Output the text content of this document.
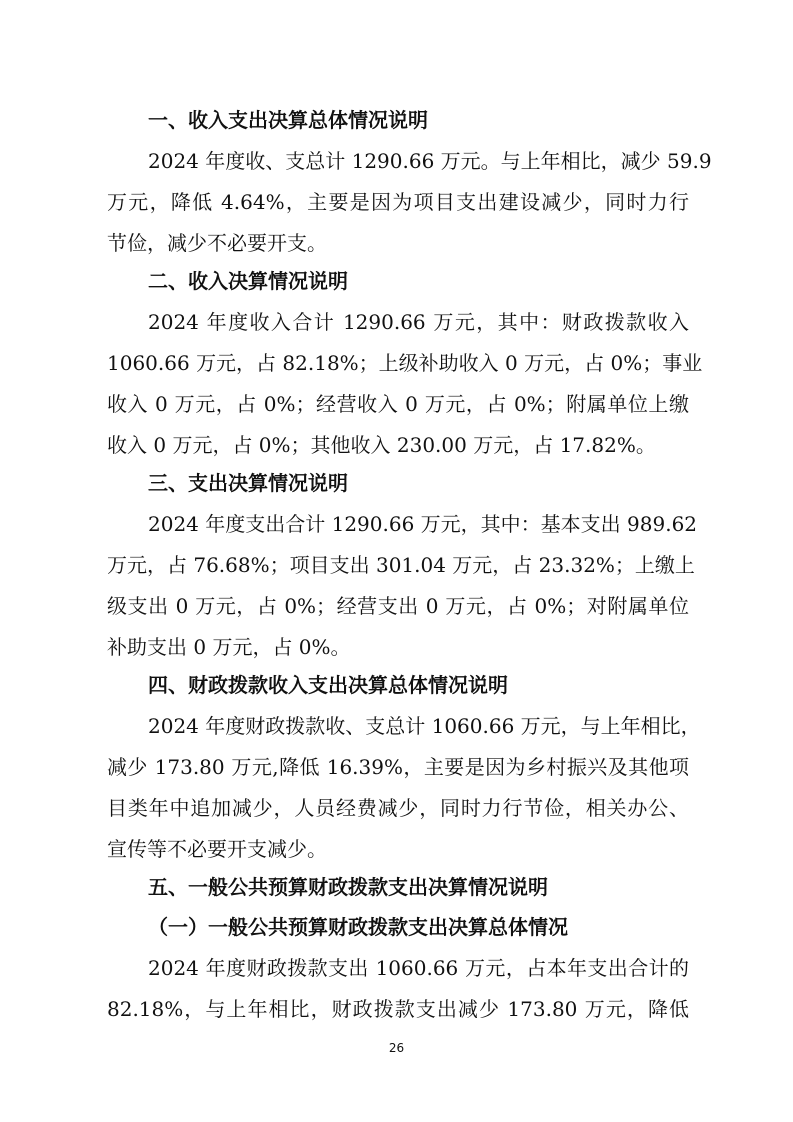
一、收入支出决算总体情况说明
2024 年度收、支总计 1290.66 万元。与上年相比，减少 59.9
万元，降低 4.64%，主要是因为项目支出建设减少，同时力行
节俭，减少不必要开支。
二、收入决算情况说明
2024 年度收入合计 1290.66 万元，其中：财政拨款收入
1060.66 万元，占 82.18%；上级补助收入 0 万元，占 0%；事业
收入 0 万元，占 0%；经营收入 0 万元，占 0%；附属单位上缴
收入 0 万元，占 0%；其他收入 230.00 万元，占 17.82%。
三、支出决算情况说明
2024 年度支出合计 1290.66 万元，其中：基本支出 989.62
万元，占 76.68%；项目支出 301.04 万元，占 23.32%；上缴上
级支出 0 万元，占 0%；经营支出 0 万元，占 0%；对附属单位
补助支出 0 万元，占 0%。
四、财政拨款收入支出决算总体情况说明
2024 年度财政拨款收、支总计 1060.66 万元，与上年相比，
减少 173.80 万元,降低 16.39%，主要是因为乡村振兴及其他项
目类年中追加减少，人员经费减少，同时力行节俭，相关办公、
宣传等不必要开支减少。
五、一般公共预算财政拨款支出决算情况说明
（一）一般公共预算财政拨款支出决算总体情况
2024 年度财政拨款支出 1060.66 万元，占本年支出合计的
82.18%，与上年相比，财政拨款支出减少 173.80 万元，降低
26
